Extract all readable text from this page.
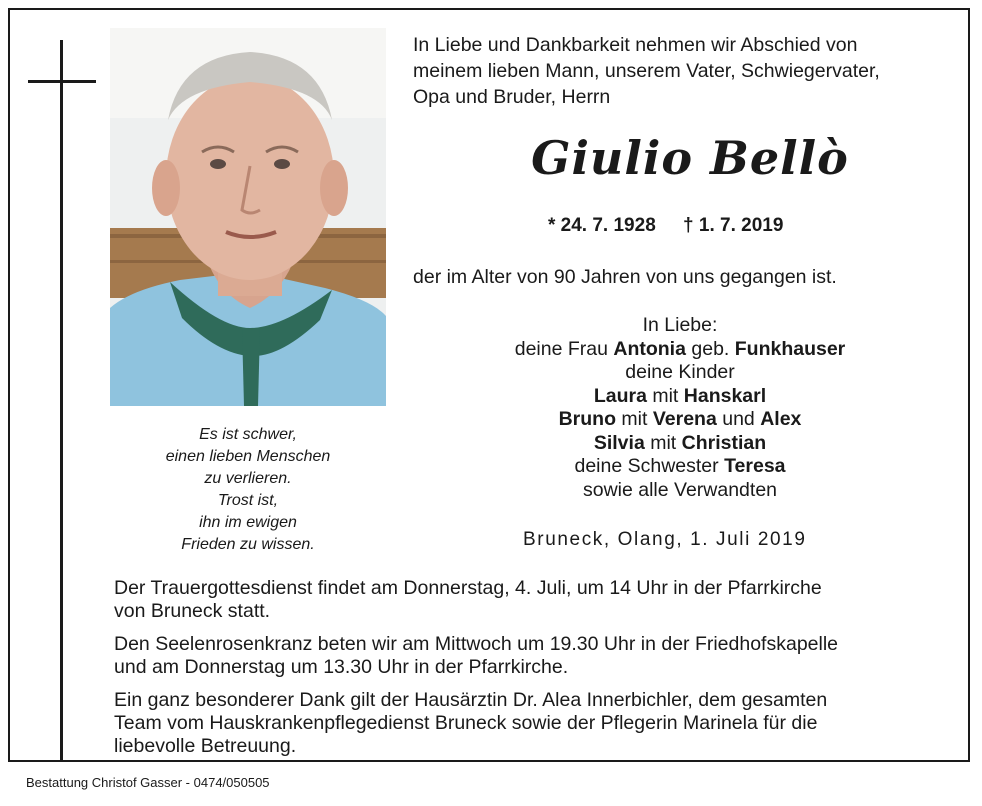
Es ist schwer,
einen lieben Menschen
zu verlieren.
Trost ist,
ihn im ewigen
Frieden zu wissen.
In Liebe und Dankbarkeit nehmen wir Abschied von
meinem lieben Mann, unserem Vater, Schwiegervater,
Opa und Bruder, Herrn
Giulio Bellò
* 24. 7. 1928 † 1. 7. 2019
der im Alter von 90 Jahren von uns gegangen ist.
In Liebe:
deine Frau Antonia geb. Funkhauser
deine Kinder
Laura mit Hanskarl
Bruno mit Verena und Alex
Silvia mit Christian
deine Schwester Teresa
sowie alle Verwandten
Bruneck, Olang, 1. Juli 2019
Der Trauergottesdienst findet am Donnerstag, 4. Juli, um 14 Uhr in der Pfarrkirche
von Bruneck statt.
Den Seelenrosenkranz beten wir am Mittwoch um 19.30 Uhr in der Friedhofskapelle
und am Donnerstag um 13.30 Uhr in der Pfarrkirche.
Ein ganz besonderer Dank gilt der Hausärztin Dr. Alea Innerbichler, dem gesamten
Team vom Hauskrankenpflegedienst Bruneck sowie der Pflegerin Marinela für die
liebevolle Betreuung.
Bestattung Christof Gasser - 0474/050505
